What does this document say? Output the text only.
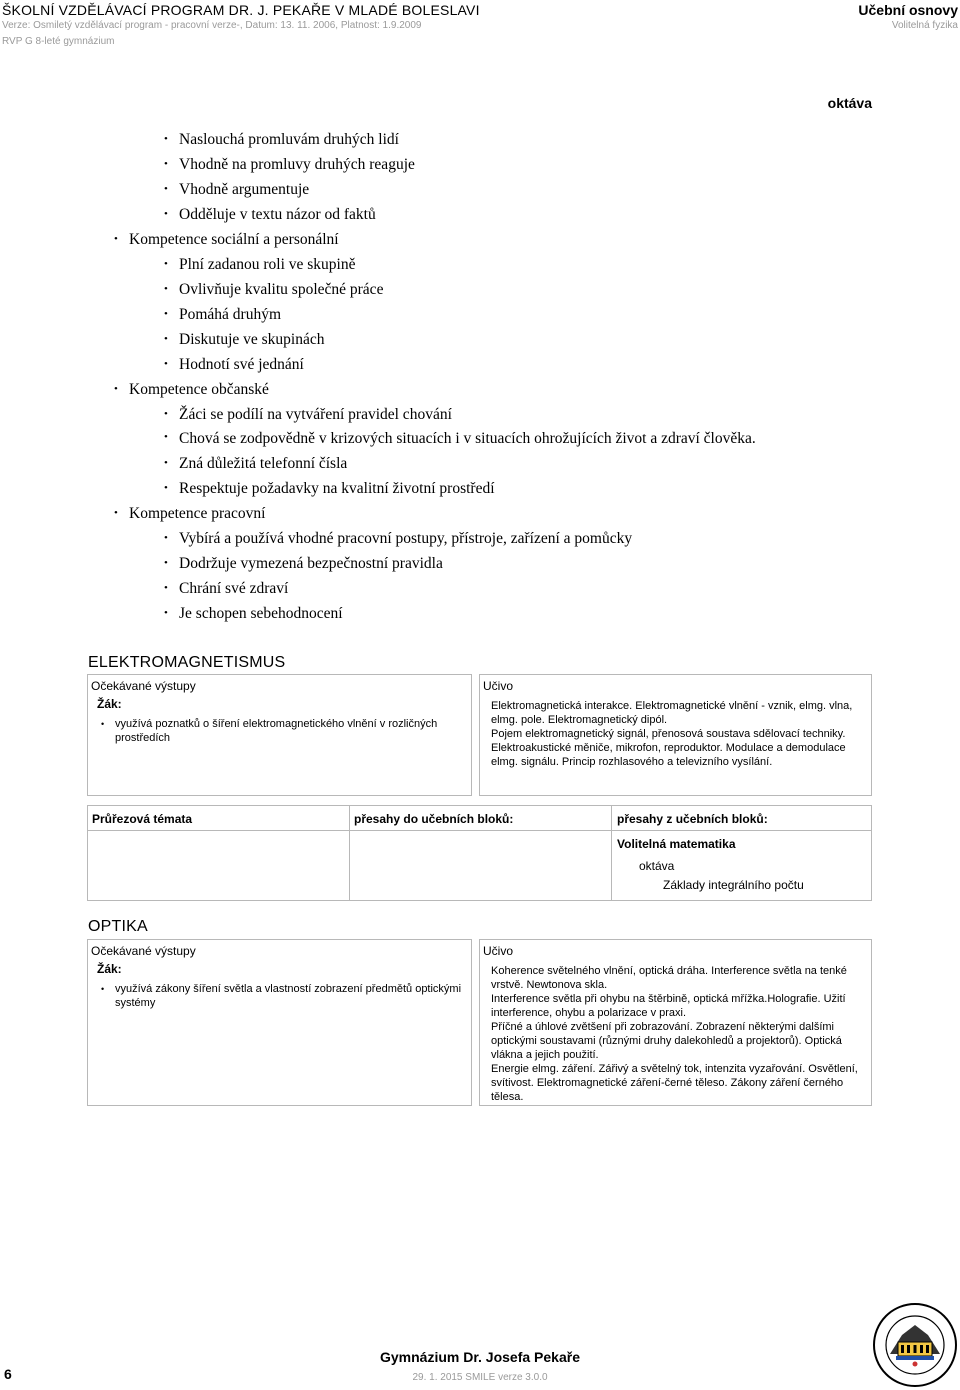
ŠKOLNÍ VZDĚLÁVACÍ PROGRAM DR. J. PEKAŘE V MLADÉ BOLESLAVI
Verze: Osmiletý vzdělávací program - pracovní verze-, Datum: 13. 11. 2006, Platnost: 1.9.2009
RVP G 8-leté gymnázium
Učební osnovy
Volitelná fyzika
oktáva
• Naslouchá promluvám druhých lidí
• Vhodně na promluvy druhých reaguje
• Vhodně argumentuje
• Odděluje v textu názor od faktů
• Kompetence sociální a personální
• Plní zadanou roli ve skupině
• Ovlivňuje kvalitu společné práce
• Pomáhá druhým
• Diskutuje ve skupinách
• Hodnotí své jednání
• Kompetence občanské
• Žáci se podílí na vytváření pravidel chování
• Chová se zodpovědně v krizových situacích i v situacích ohrožujících život a zdraví člověka.
• Zná důležitá telefonní čísla
• Respektuje požadavky na kvalitní životní prostředí
• Kompetence pracovní
• Vybírá a používá vhodné pracovní postupy, přístroje, zařízení a pomůcky
• Dodržuje vymezená bezpečnostní pravidla
• Chrání své zdraví
• Je schopen sebehodnocení
ELEKTROMAGNETISMUS
Očekávané výstupy
Žák:
• využívá poznatků o šíření elektromagnetického vlnění v rozličných prostředích
Učivo

Elektromagnetická interakce. Elektromagnetické vlnění - vznik, elmg. vlna, elmg. pole. Elektromagnetický dipól.

Pojem elektromagnetický signál, přenosová soustava sdělovací techniky. Elektroakustické měniče, mikrofon, reproduktor. Modulace a demodulace elmg. signálu. Princip rozhlasového a televizního vysílání.

Průřezová témata	přesahy do učebních bloků:	přesahy z učebních bloků:
Volitelná matematika
oktáva
Základy integrálního počtu
OPTIKA
Očekávané výstupy
Žák:
• využívá zákony šíření světla a vlastností zobrazení předmětů optickými systémy
Učivo

Koherence světelného vlnění, optická dráha. Interference světla na tenké vrstvě. Newtonova skla.

Interference světla při ohybu na štěrbině, optická mřížka.Holografie. Užití interference, ohybu a polarizace v praxi.

Příčné a úhlové zvětšení při zobrazování. Zobrazení některými dalšími optickými soustavami (různými druhy dalekohledů a projektorů). Optická vlákna a jejich použití.

Energie elmg. záření. Zářivý a světelný tok, intenzita vyzařování. Osvětlení, svítivost. Elektromagnetické záření-černé těleso. Zákony záření černého tělesa.

6
Gymnázium Dr. Josefa Pekaře
29. 1. 2015 SMILE verze 3.0.0
